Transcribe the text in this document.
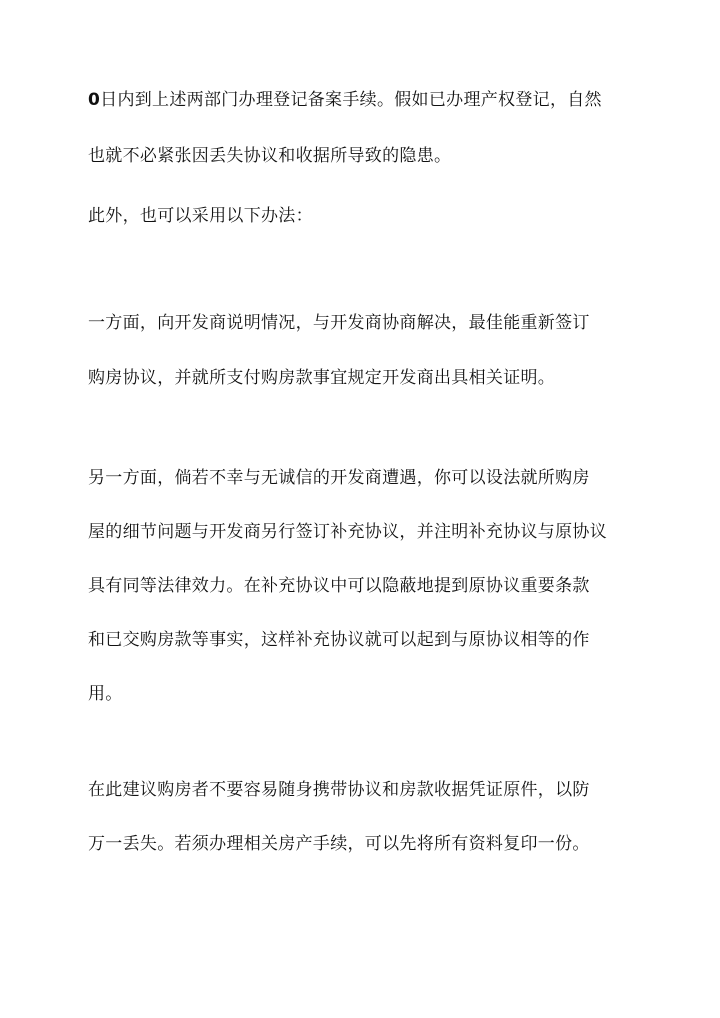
0日内到上述两部门办理登记备案手续。假如已办理产权登记，自然
也就不必紧张因丢失协议和收据所导致的隐患。
此外，也可以采用以下办法：
一方面，向开发商说明情况，与开发商协商解决，最佳能重新签订
购房协议，并就所支付购房款事宜规定开发商出具相关证明。
另一方面，倘若不幸与无诚信的开发商遭遇，你可以设法就所购房
屋的细节问题与开发商另行签订补充协议，并注明补充协议与原协议
具有同等法律效力。在补充协议中可以隐蔽地提到原协议重要条款
和已交购房款等事实，这样补充协议就可以起到与原协议相等的作
用。
在此建议购房者不要容易随身携带协议和房款收据凭证原件，以防
万一丢失。若须办理相关房产手续，可以先将所有资料复印一份。
